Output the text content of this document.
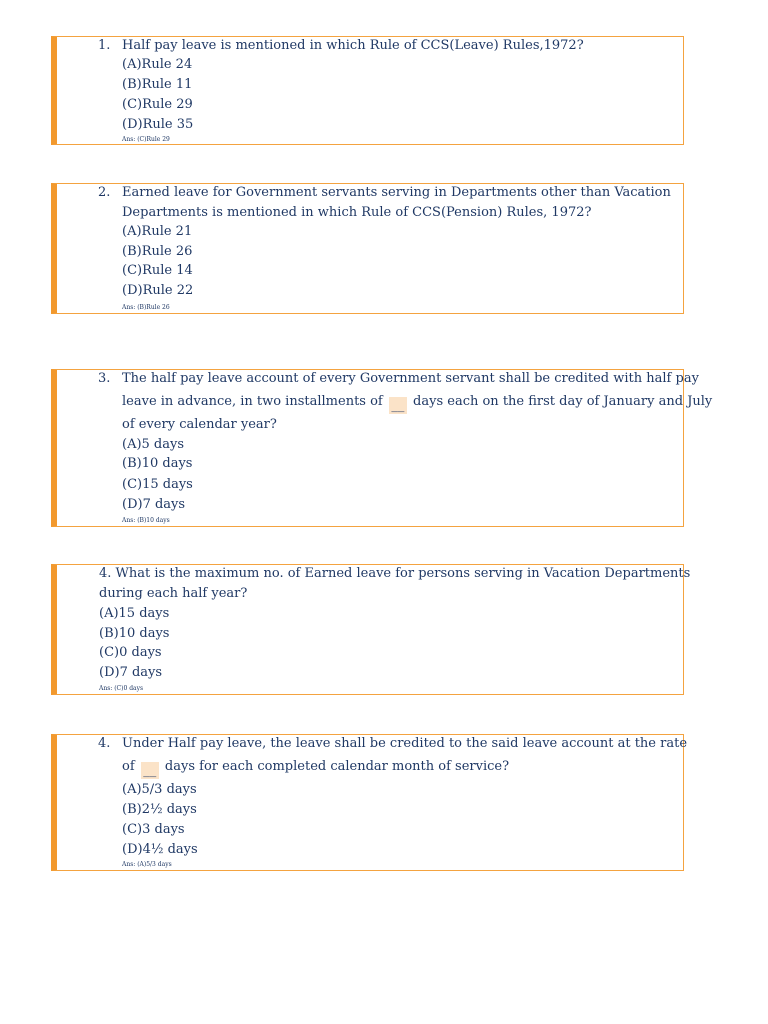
1. Half pay leave is mentioned in which Rule of CCS(Leave) Rules,1972?
(A)Rule 24
(B)Rule 11
(C)Rule 29
(D)Rule 35
Ans: (C)Rule 29
2. Earned leave for Government servants serving in Departments other than Vacation
Departments is mentioned in which Rule of CCS(Pension) Rules, 1972?
(A)Rule 21
(B)Rule 26
(C)Rule 14
(D)Rule 22
Ans: (B)Rule 26
3. The half pay leave account of every Government servant shall be credited with half pay
leave in advance, in two installments of __ days each on the first day of January and July
of every calendar year?
(A)5 days
(B)10 days
(C)15 days
(D)7 days
Ans: (B)10 days
4. What is the maximum no. of Earned leave for persons serving in Vacation Departments
during each half year?
(A)15 days
(B)10 days
(C)0 days
(D)7 days
Ans: (C)0 days
4. Under Half pay leave, the leave shall be credited to the said leave account at the rate
of __ days for each completed calendar month of service?
(A)5/3 days
(B)2½ days
(C)3 days
(D)4½ days
Ans: (A)5/3 days
